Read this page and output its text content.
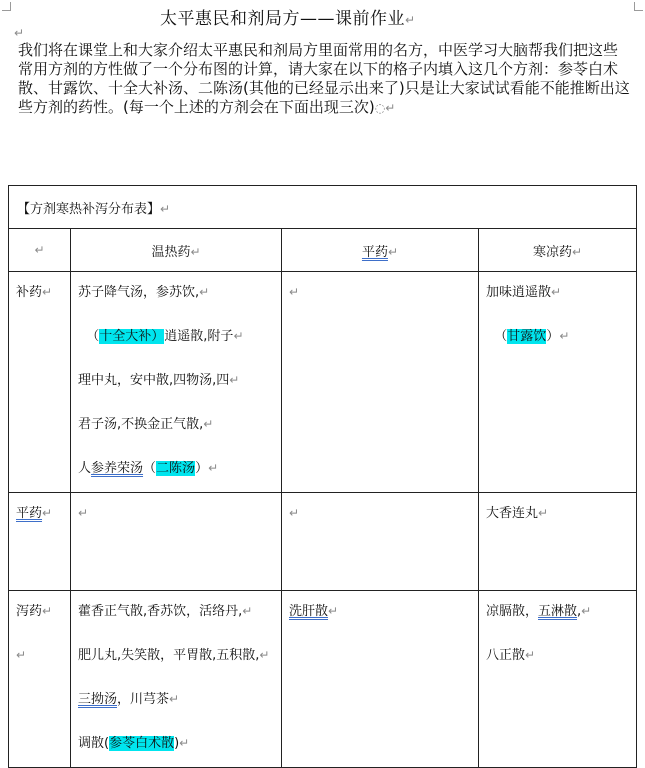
太平惠民和剂局方——课前作业↵
↵
我们将在课堂上和大家介绍太平惠民和剂局方里面常用的名方，中医学习大脑帮我们把这些常用方剂的方性做了一个分布图的计算，请大家在以下的格子内填入这几个方剂：参苓白术散、甘露饮、十全大补汤、二陈汤(其他的已经显示出来了)只是让大家试试看能不能推断出这些方剂的药性。(每一个上述的方剂会在下面出现三次)◌↵
【方剂寒热补泻分布表】↵			
↵	温热药↵	平药↵	寒凉药↵

补药↵	苏子降气汤，参苏饮,↵
（十全大补）逍遥散,附子↵
理中丸，安中散,四物汤,四↵
君子汤,不换金正气散,↵
人参养荣汤（二陈汤）↵	↵	加味逍遥散↵
（甘露饮）↵

平药↵	↵	↵	大香连丸↵

泻药↵
↵	藿香正气散,香苏饮，活络丹,↵
肥儿丸,失笑散，平胃散,五积散,↵
三拗汤，川芎茶↵
调散(参苓白术散)↵	洗肝散↵	凉膈散，五淋散,↵
八正散↵
